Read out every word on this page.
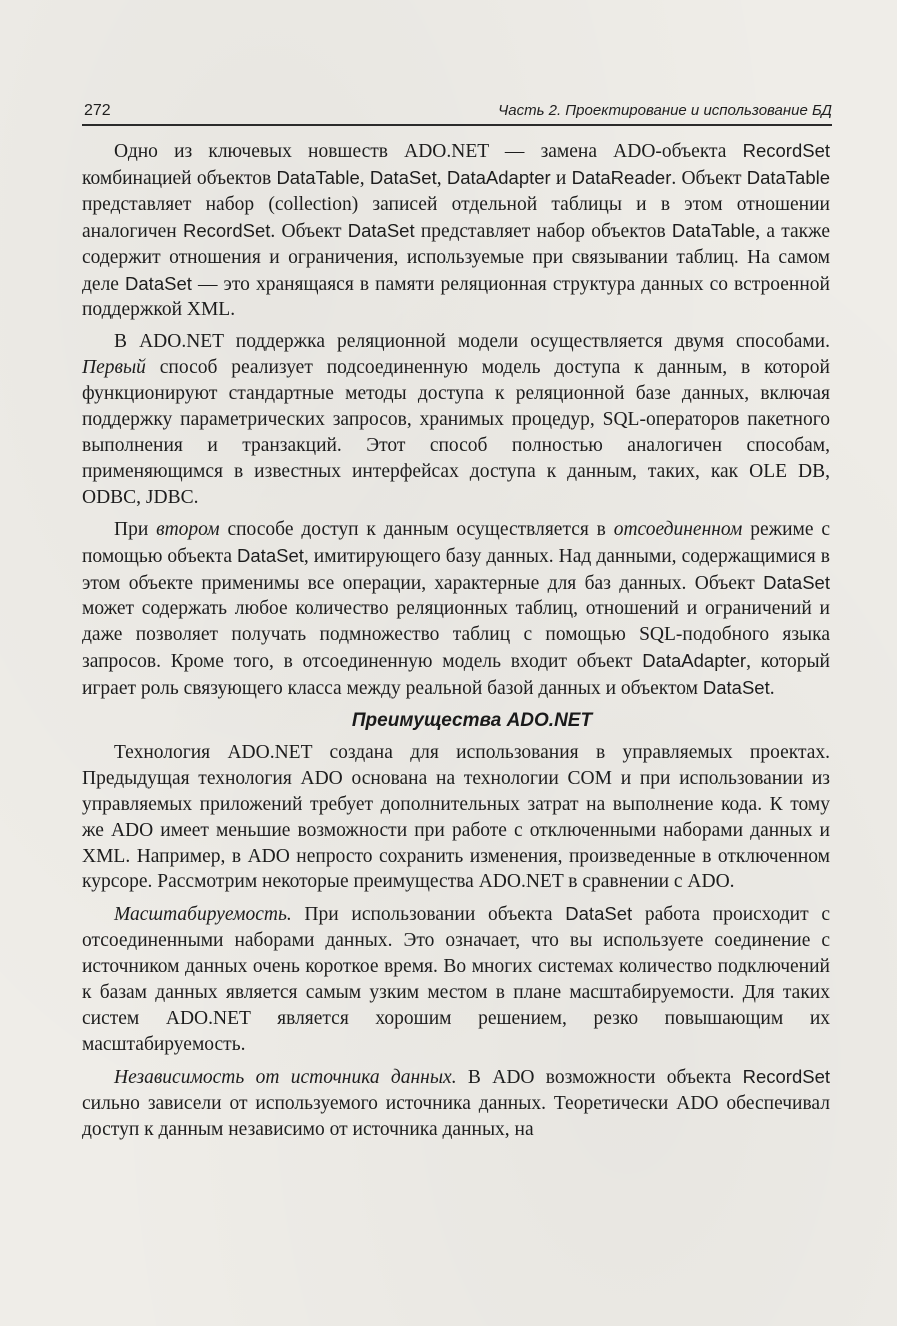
272	Часть 2. Проектирование и использование БД

Одно из ключевых новшеств ADO.NET — замена ADO-объекта RecordSet комбинацией объектов DataTable, DataSet, DataAdapter и DataReader. Объект DataTable представляет набор (collection) записей отдельной таблицы и в этом отношении аналогичен RecordSet. Объект DataSet представляет набор объектов DataTable, а также содержит отношения и ограничения, используемые при связывании таблиц. На самом деле DataSet — это хранящаяся в памяти реляционная структура данных со встроенной поддержкой XML.

В ADO.NET поддержка реляционной модели осуществляется двумя способами. Первый способ реализует подсоединенную модель доступа к данным, в которой функционируют стандартные методы доступа к реляционной базе данных, включая поддержку параметрических запросов, хранимых процедур, SQL-операторов пакетного выполнения и транзакций. Этот способ полностью аналогичен способам, применяющимся в известных интерфейсах доступа к данным, таких, как OLE DB, ODBC, JDBC.

При втором способе доступ к данным осуществляется в отсоединенном режиме с помощью объекта DataSet, имитирующего базу данных. Над данными, содержащимися в этом объекте применимы все операции, характерные для баз данных. Объект DataSet может содержать любое количество реляционных таблиц, отношений и ограничений и даже позволяет получать подмножество таблиц с помощью SQL-подобного языка запросов. Кроме того, в отсоединенную модель входит объект DataAdapter, который играет роль связующего класса между реальной базой данных и объектом DataSet.

Преимущества ADO.NET

Технология ADO.NET создана для использования в управляемых проектах. Предыдущая технология ADO основана на технологии COM и при использовании из управляемых приложений требует дополнительных затрат на выполнение кода. К тому же ADO имеет меньшие возможности при работе с отключенными наборами данных и XML. Например, в ADO непросто сохранить изменения, произведенные в отключенном курсоре. Рассмотрим некоторые преимущества ADO.NET в сравнении с ADO.

Масштабируемость. При использовании объекта DataSet работа происходит с отсоединенными наборами данных. Это означает, что вы используете соединение с источником данных очень короткое время. Во многих системах количество подключений к базам данных является самым узким местом в плане масштабируемости. Для таких систем ADO.NET является хорошим решением, резко повышающим их масштабируемость.

Независимость от источника данных. В ADO возможности объекта RecordSet сильно зависели от используемого источника данных. Теоретически ADO обеспечивал доступ к данным независимо от источника данных, на
